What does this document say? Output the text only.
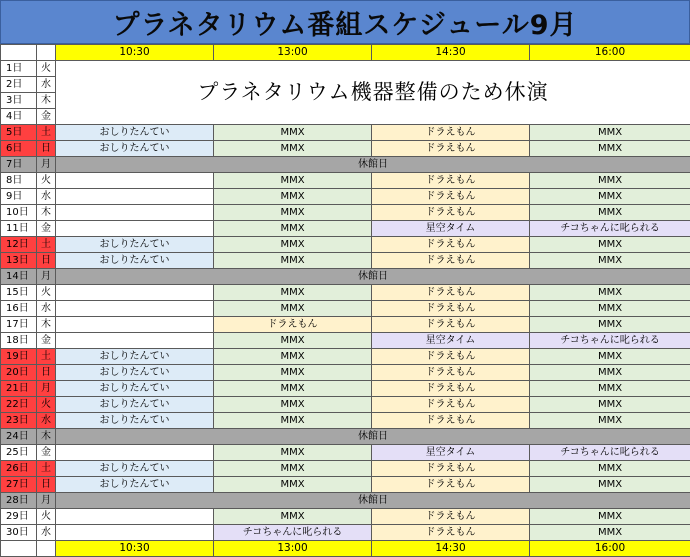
プラネタリウム番組スケジュール9月
		10:30	13:00	14:30	16:00
1日	火	プラネタリウム機器整備のため休演			
2日	水				
3日	木				
4日	金				
5日	土	おしりたんてい	MMX	ドラえもん	MMX
6日	日	おしりたんてい	MMX	ドラえもん	MMX
7日	月	休館日			
8日	火		MMX	ドラえもん	MMX
9日	水		MMX	ドラえもん	MMX
10日	木		MMX	ドラえもん	MMX
11日	金		MMX	星空タイム	チコちゃんに叱られる
12日	土	おしりたんてい	MMX	ドラえもん	MMX
13日	日	おしりたんてい	MMX	ドラえもん	MMX
14日	月	休館日			
15日	火		MMX	ドラえもん	MMX
16日	水		MMX	ドラえもん	MMX
17日	木		ドラえもん	ドラえもん	MMX
18日	金		MMX	星空タイム	チコちゃんに叱られる
19日	土	おしりたんてい	MMX	ドラえもん	MMX
20日	日	おしりたんてい	MMX	ドラえもん	MMX
21日	月	おしりたんてい	MMX	ドラえもん	MMX
22日	火	おしりたんてい	MMX	ドラえもん	MMX
23日	水	おしりたんてい	MMX	ドラえもん	MMX
24日	木	休館日			
25日	金		MMX	星空タイム	チコちゃんに叱られる
26日	土	おしりたんてい	MMX	ドラえもん	MMX
27日	日	おしりたんてい	MMX	ドラえもん	MMX
28日	月	休館日			
29日	火		MMX	ドラえもん	MMX
30日	水		チコちゃんに叱られる	ドラえもん	MMX
		10:30	13:00	14:30	16:00
